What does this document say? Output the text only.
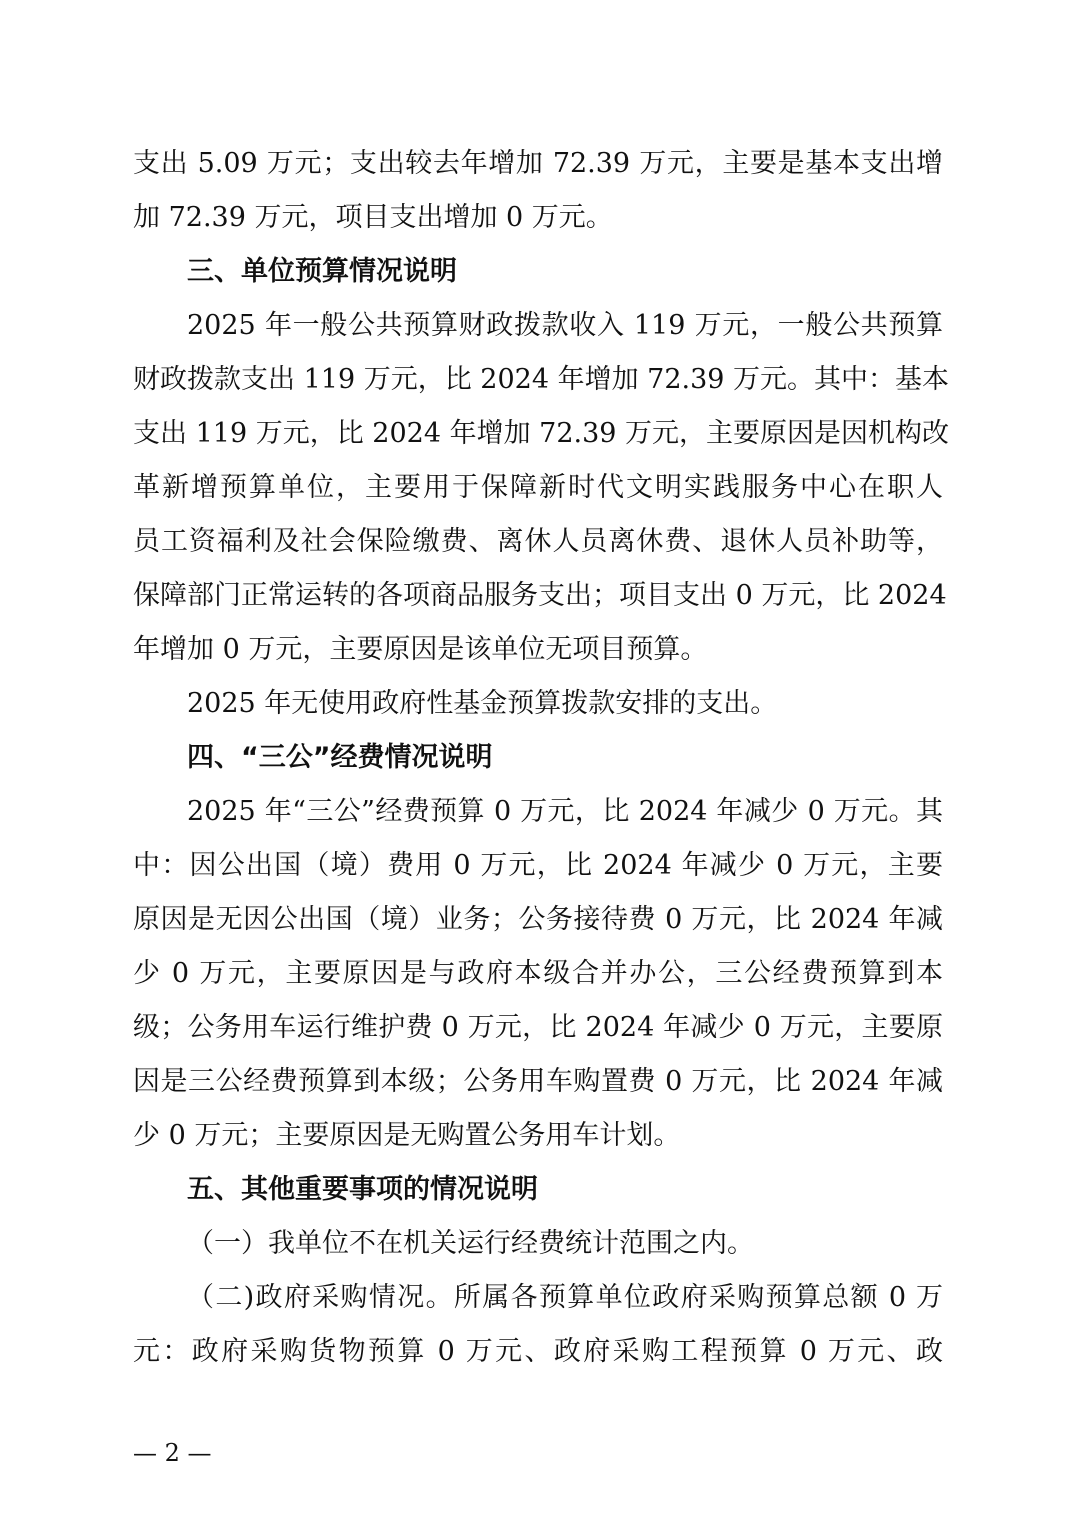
支出 5.09 万元；支出较去年增加 72.39 万元，主要是基本支出增
加 72.39 万元，项目支出增加 0 万元。
三、单位预算情况说明
2025 年一般公共预算财政拨款收入 119 万元，一般公共预算
财政拨款支出 119 万元，比 2024 年增加 72.39 万元。其中：基本
支出 119 万元，比 2024 年增加 72.39 万元，主要原因是因机构改
革新增预算单位，主要用于保障新时代文明实践服务中心在职人
员工资福利及社会保险缴费、离休人员离休费、退休人员补助等，
保障部门正常运转的各项商品服务支出；项目支出 0 万元，比 2024
年增加 0 万元，主要原因是该单位无项目预算。
2025 年无使用政府性基金预算拨款安排的支出。
四、“三公”经费情况说明
2025 年“三公”经费预算 0 万元，比 2024 年减少 0 万元。其
中：因公出国（境）费用 0 万元，比 2024 年减少 0 万元，主要
原因是无因公出国（境）业务；公务接待费 0 万元，比 2024 年减
少 0 万元，主要原因是与政府本级合并办公，三公经费预算到本
级；公务用车运行维护费 0 万元，比 2024 年减少 0 万元，主要原
因是三公经费预算到本级；公务用车购置费 0 万元，比 2024 年减
少 0 万元；主要原因是无购置公务用车计划。
五、其他重要事项的情况说明
（一）我单位不在机关运行经费统计范围之内。
（二)政府采购情况。所属各预算单位政府采购预算总额 0 万
元：政府采购货物预算 0 万元、政府采购工程预算 0 万元、政
— 2 —
